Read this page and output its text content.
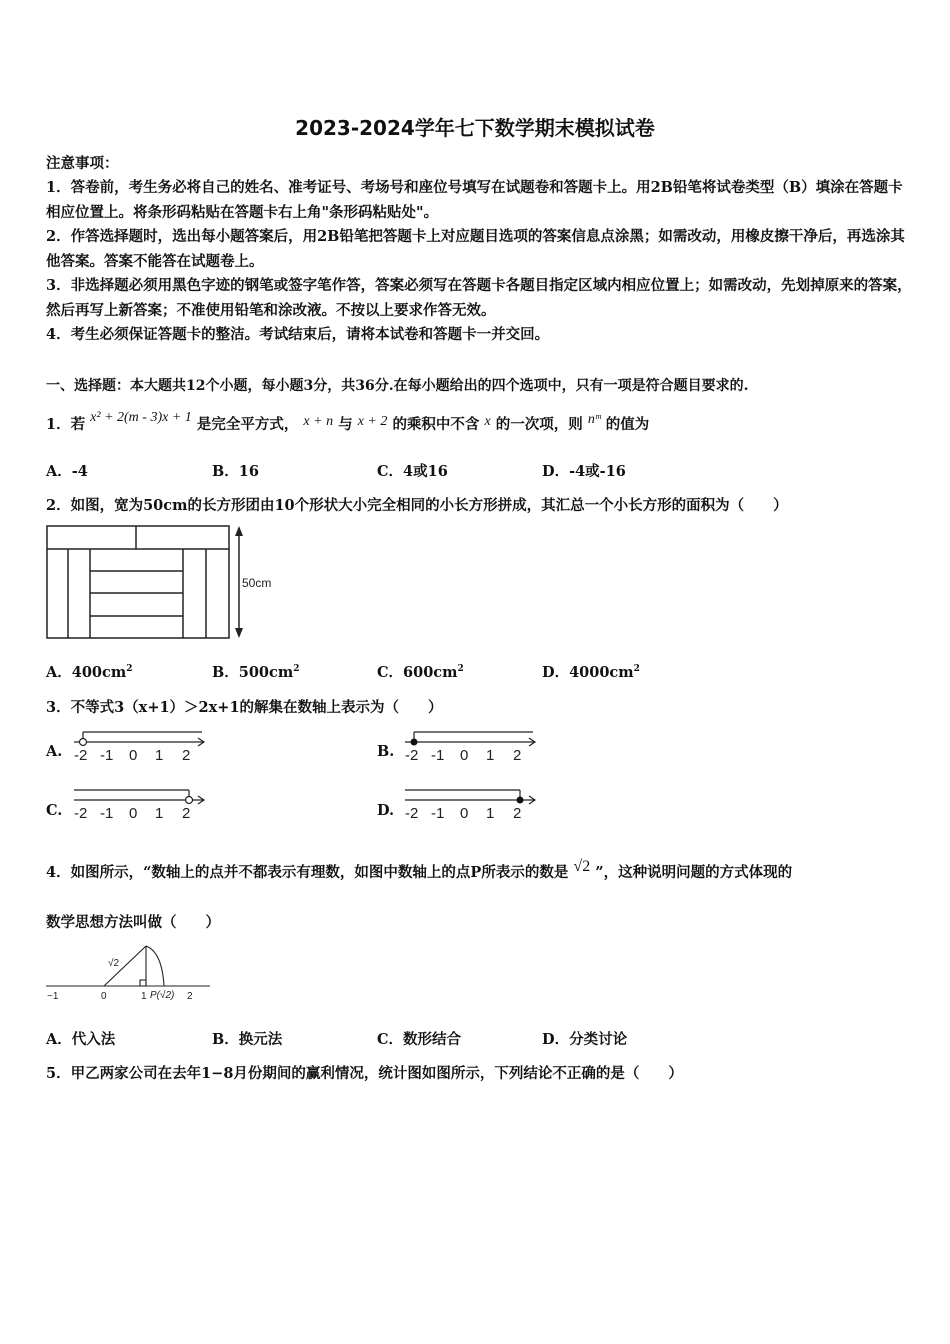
2023-2024学年七下数学期末模拟试卷
注意事项：
1．答卷前，考生务必将自己的姓名、准考证号、考场号和座位号填写在试题卷和答题卡上。用2B铅笔将试卷类型（B）填涂在答题卡相应位置上。将条形码粘贴在答题卡右上角"条形码粘贴处"。
2．作答选择题时，选出每小题答案后，用2B铅笔把答题卡上对应题目选项的答案信息点涂黑；如需改动，用橡皮擦干净后，再选涂其他答案。答案不能答在试题卷上。
3．非选择题必须用黑色字迹的钢笔或签字笔作答，答案必须写在答题卡各题目指定区域内相应位置上；如需改动，先划掉原来的答案，然后再写上新答案；不准使用铅笔和涂改液。不按以上要求作答无效。
4．考生必须保证答题卡的整洁。考试结束后，请将本试卷和答题卡一并交回。
一、选择题：本大题共12个小题，每小题3分，共36分.在每小题给出的四个选项中，只有一项是符合题目要求的.
1．若 x² + 2(m - 3)x + 1 是完全平方式， x + n 与 x + 2 的乘积中不含 x 的一次项，则 nᵐ 的值为
A．-4	B．16	C．4或16	D．-4或-16
2．如图，宽为50cm的长方形团由10个形状大小完全相同的小长方形拼成，其汇总一个小长方形的面积为（　　）
50cm
A．$400cm^2$	B．$500cm^2$	C．$600cm^2$	D．$4000cm^2$
3．不等式3（x+1）＞2x+1的解集在数轴上表示为（　　）
A. -2 -1 0 1 2	B. -2 -1 0 1 2
C. -2 -1 0 1 2	D. -2 -1 0 1 2
4．如图所示，“数轴上的点并不都表示有理数，如图中数轴上的点P所表示的数是 √2 ”，这种说明问题的方式体现的
数学思想方法叫做（　　）
−1	0	1 P(√2) 2
√2
A．代入法	B．换元法	C．数形结合	D．分类讨论
5．甲乙两家公司在去年1−8月份期间的赢利情况，统计图如图所示，下列结论不正确的是（　　）
